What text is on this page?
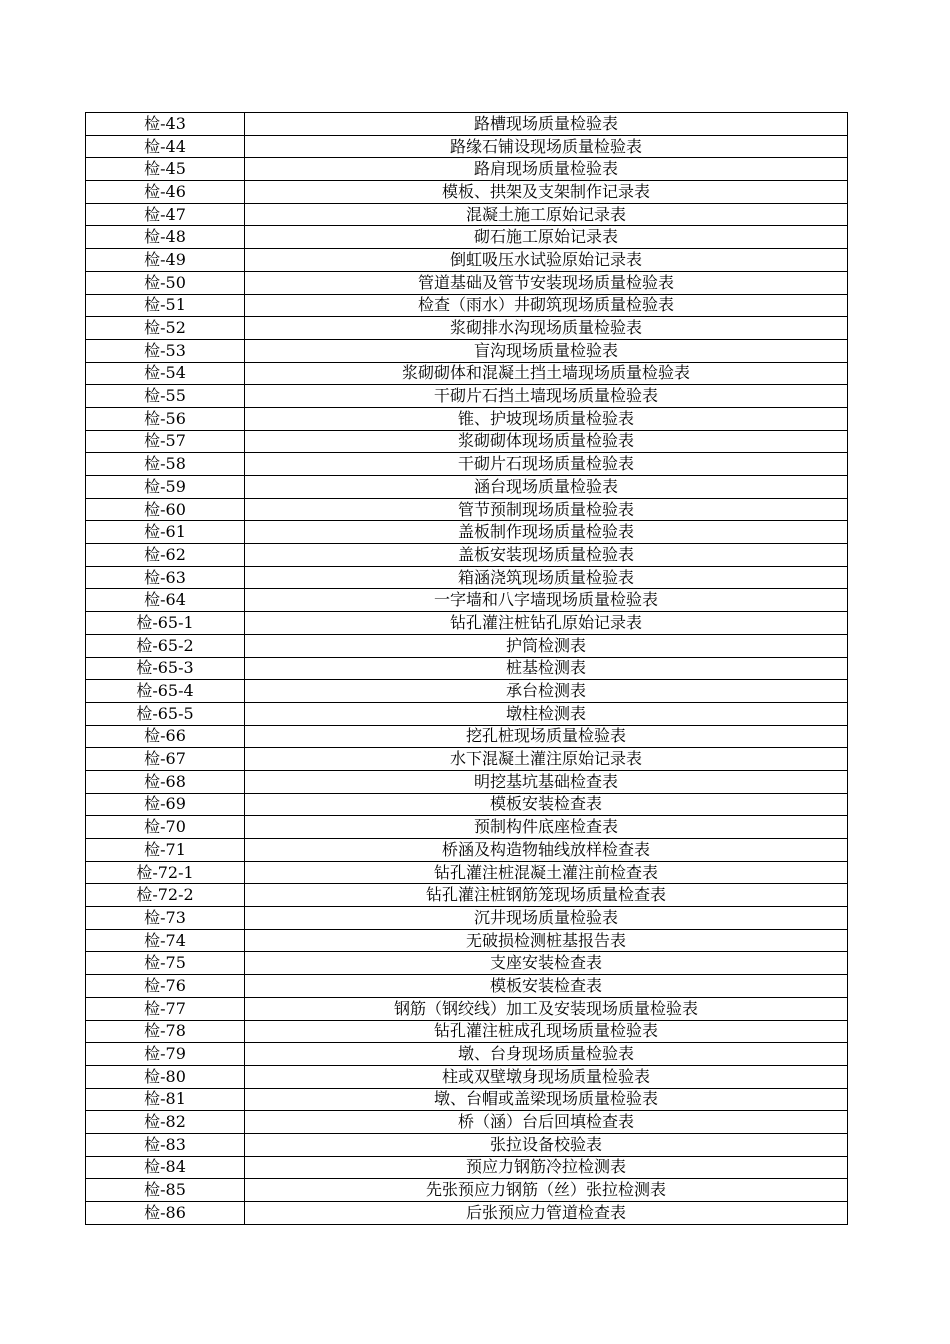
检-43	路槽现场质量检验表
检-44	路缘石铺设现场质量检验表
检-45	路肩现场质量检验表
检-46	模板、拱架及支架制作记录表
检-47	混凝土施工原始记录表
检-48	砌石施工原始记录表
检-49	倒虹吸压水试验原始记录表
检-50	管道基础及管节安装现场质量检验表
检-51	检查（雨水）井砌筑现场质量检验表
检-52	浆砌排水沟现场质量检验表
检-53	盲沟现场质量检验表
检-54	浆砌砌体和混凝土挡土墙现场质量检验表
检-55	干砌片石挡土墙现场质量检验表
检-56	锥、护坡现场质量检验表
检-57	浆砌砌体现场质量检验表
检-58	干砌片石现场质量检验表
检-59	涵台现场质量检验表
检-60	管节预制现场质量检验表
检-61	盖板制作现场质量检验表
检-62	盖板安装现场质量检验表
检-63	箱涵浇筑现场质量检验表
检-64	一字墙和八字墙现场质量检验表
检-65-1	钻孔灌注桩钻孔原始记录表
检-65-2	护筒检测表
检-65-3	桩基检测表
检-65-4	承台检测表
检-65-5	墩柱检测表
检-66	挖孔桩现场质量检验表
检-67	水下混凝土灌注原始记录表
检-68	明挖基坑基础检查表
检-69	模板安装检查表
检-70	预制构件底座检查表
检-71	桥涵及构造物轴线放样检查表
检-72-1	钻孔灌注桩混凝土灌注前检查表
检-72-2	钻孔灌注桩钢筋笼现场质量检查表
检-73	沉井现场质量检验表
检-74	无破损检测桩基报告表
检-75	支座安装检查表
检-76	模板安装检查表
检-77	钢筋（钢绞线）加工及安装现场质量检验表
检-78	钻孔灌注桩成孔现场质量检验表
检-79	墩、台身现场质量检验表
检-80	柱或双壁墩身现场质量检验表
检-81	墩、台帽或盖梁现场质量检验表
检-82	桥（涵）台后回填检查表
检-83	张拉设备校验表
检-84	预应力钢筋冷拉检测表
检-85	先张预应力钢筋（丝）张拉检测表
检-86	后张预应力管道检查表
